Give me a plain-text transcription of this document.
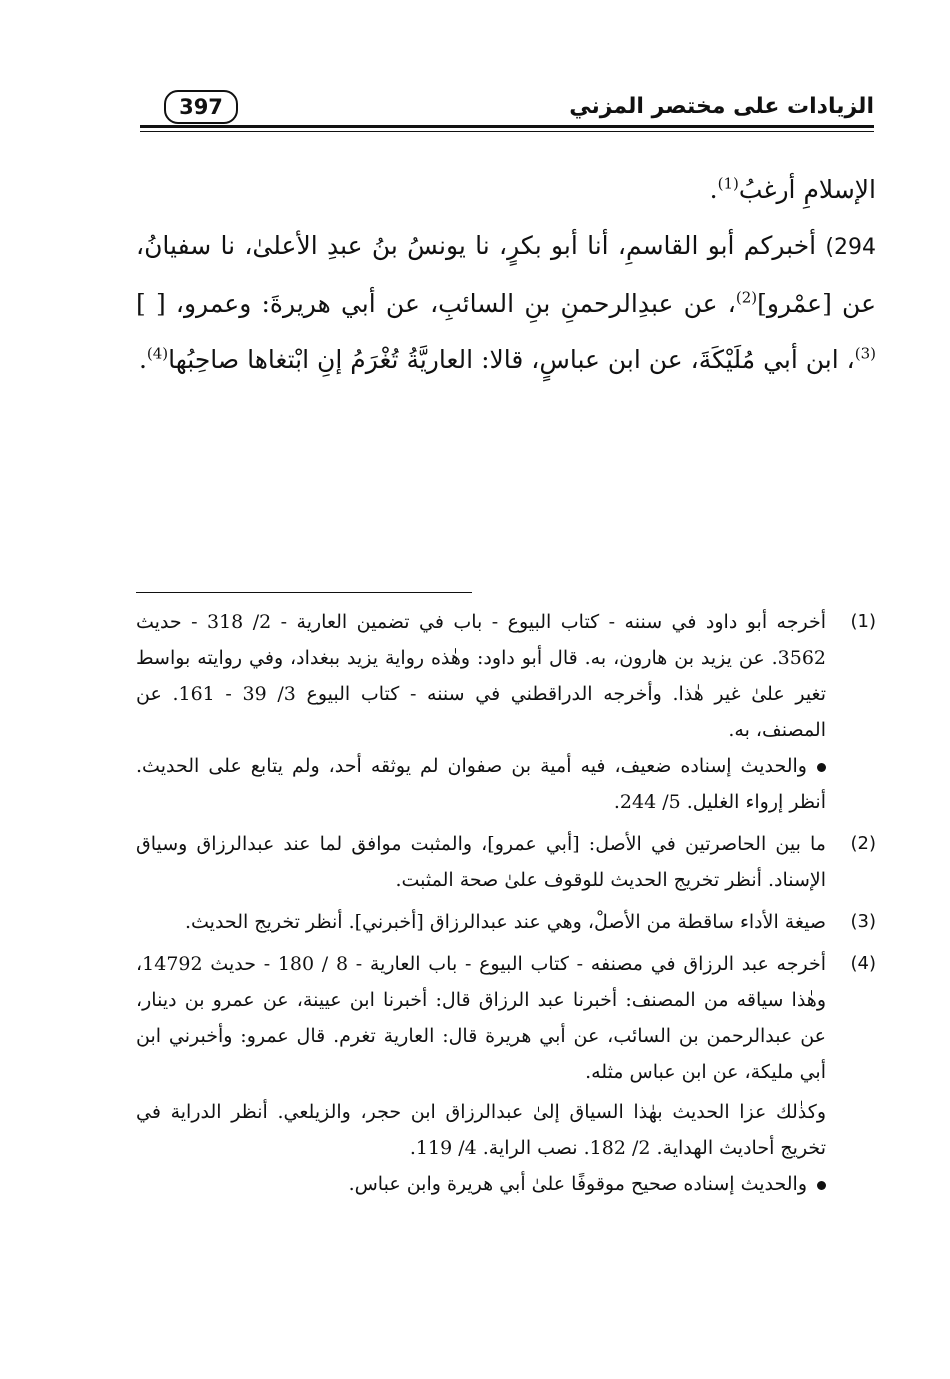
الزيادات على مختصر المزني
397

الإسلامِ أرغبُ$^{(1)}$.

294) أخبركم أبو القاسمِ، أنا أبو بكرٍ، نا يونسُ بنُ عبدِ الأعلىٰ، نا سفيانُ، عن [عمْرو]$^{(2)}$، عن عبدِالرحمنِ بنِ السائبِ، عن أبي هريرةَ: وعمرو، [ ]$^{(3)}$، ابن أبي مُلَيْكَةَ، عن ابن عباسٍ، قالا: العاريَّةُ تُغْرَمُ إنِ ابْتغاها صاحِبُها$^{(4)}$.

(1)

أخرجه أبو داود في سننه - كتاب البيوع - باب في تضمين العارية - 2/ 318 - حديث 3562. عن يزيد بن هارون، به. قال أبو داود: وهٰذه رواية يزيد ببغداد، وفي روايته بواسط تغير علىٰ غير هٰذا. وأخرجه الدراقطني في سننه - كتاب البيوع 3/ 39 - 161. عن المصنف، به.

والحديث إسناده ضعيف، فيه أمية بن صفوان لم يوثقه أحد، ولم يتابع على الحديث. أنظر إرواء الغليل. 5/ 244.

(2)

ما بين الحاصرتين في الأصل: [أبي عمرو]، والمثبت موافق لما عند عبدالرزاق وسياق الإسناد. أنظر تخريج الحديث للوقوف علىٰ صحة المثبت.

(3)

صيغة الأداء ساقطة من الأصلْ، وهي عند عبدالرزاق [أخبرني]. أنظر تخريج الحديث.

(4)

أخرجه عبد الرزاق في مصنفه - كتاب البيوع - باب العارية - 8 / 180 - حديث 14792، وهٰذا سياقه من المصنف: أخبرنا عبد الرزاق قال: أخبرنا ابن عيينة، عن عمرو بن دينار، عن عبدالرحمن بن السائب، عن أبي هريرة قال: العارية تغرم. قال عمرو: وأخبرني ابن أبي مليكة، عن ابن عباس مثله.

وكذٰلك عزا الحديث بهٰذا السياق إلىٰ عبدالرزاق ابن حجر، والزيلعي. أنظر الدراية في تخريج أحاديث الهداية. 2/ 182. نصب الراية. 4/ 119.

والحديث إسناده صحيح موقوفًا علىٰ أبي هريرة وابن عباس.
